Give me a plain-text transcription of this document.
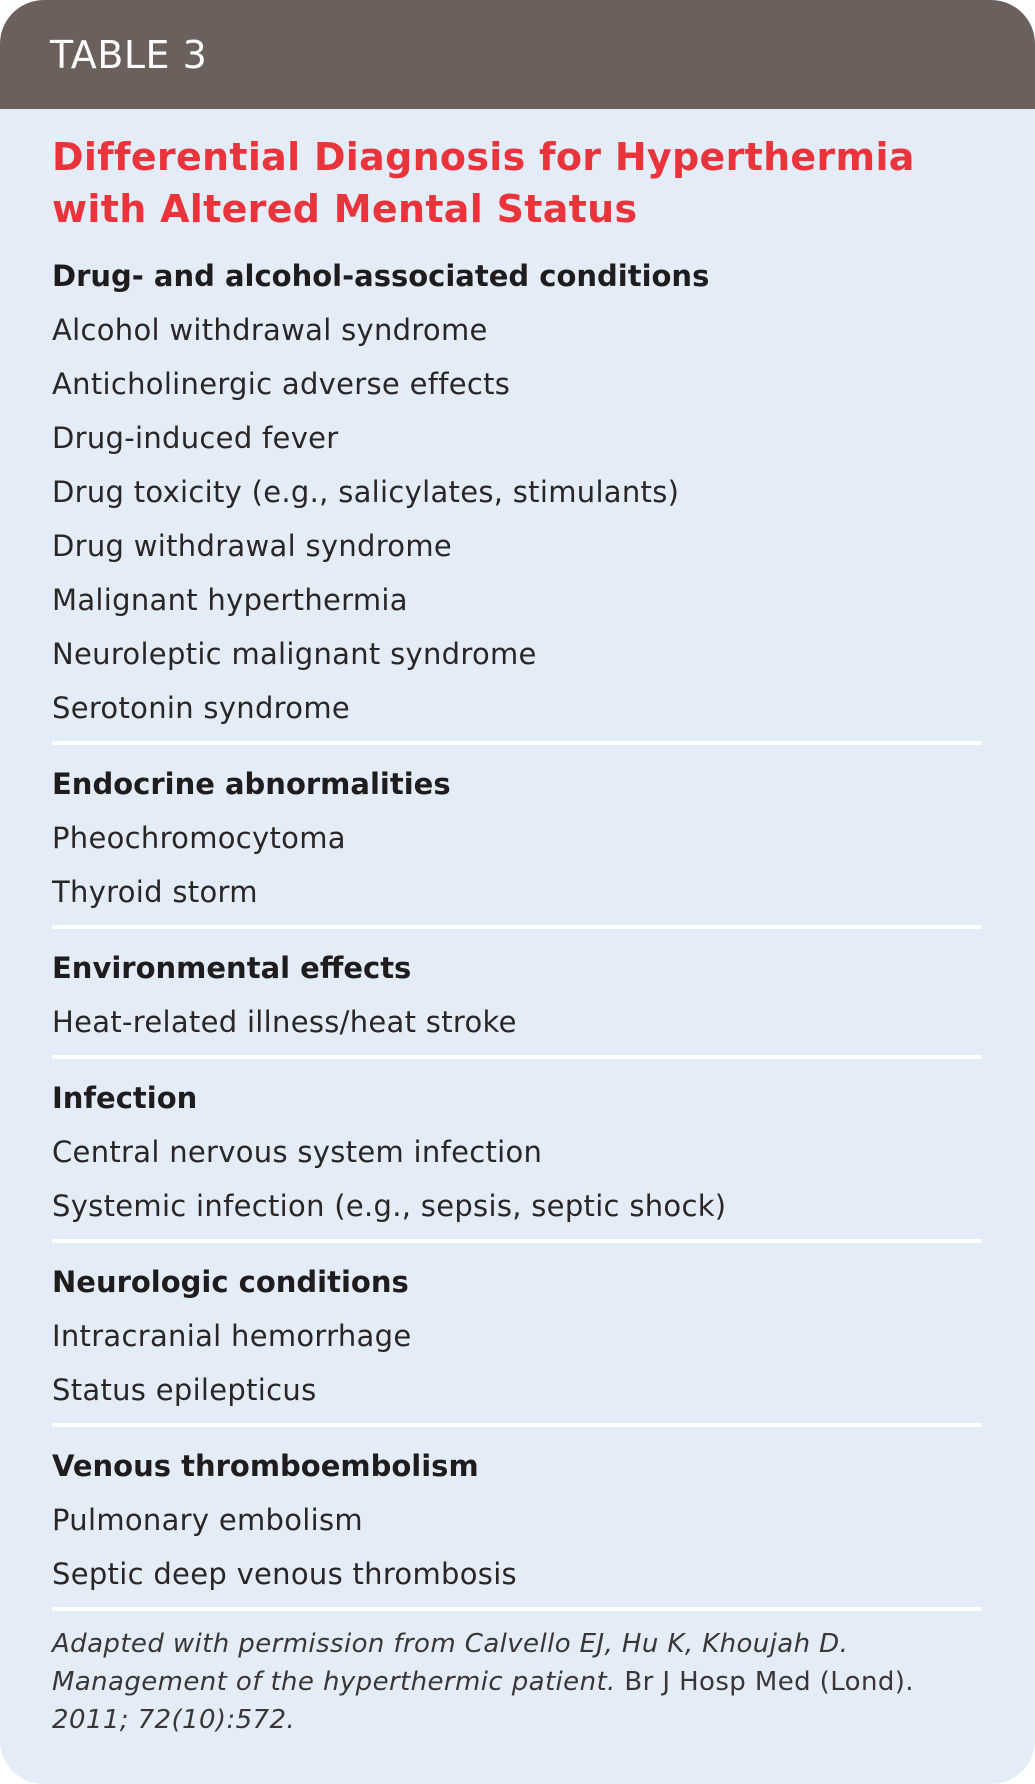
TABLE 3
Differential Diagnosis for Hyperthermia
with Altered Mental Status
Drug- and alcohol-associated conditions
Alcohol withdrawal syndrome
Anticholinergic adverse effects
Drug-induced fever
Drug toxicity (e.g., salicylates, stimulants)
Drug withdrawal syndrome
Malignant hyperthermia
Neuroleptic malignant syndrome
Serotonin syndrome
Endocrine abnormalities
Pheochromocytoma
Thyroid storm
Environmental effects
Heat-related illness/heat stroke
Infection
Central nervous system infection
Systemic infection (e.g., sepsis, septic shock)
Neurologic conditions
Intracranial hemorrhage
Status epilepticus
Venous thromboembolism
Pulmonary embolism
Septic deep venous thrombosis

Adapted with permission from Calvello EJ, Hu K, Khoujah D. Management of the hyperthermic patient. Br J Hosp Med (Lond). 2011; 72(10):572.
